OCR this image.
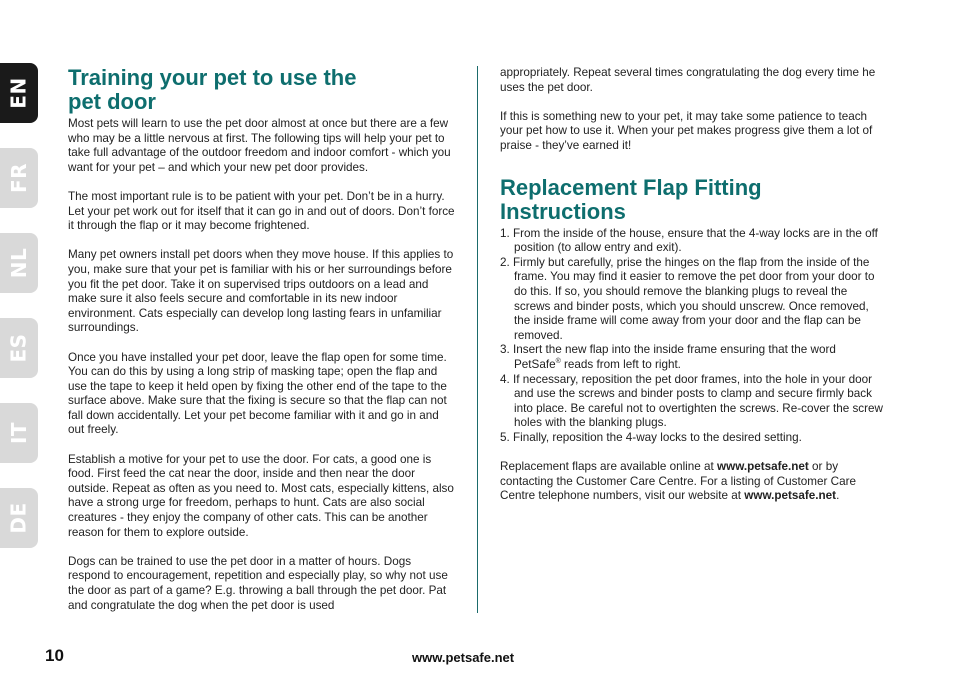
EN
FR
NL
ES
IT
DE
Training your pet to use the
pet door

Most pets will learn to use the pet door almost at once but there are a few who may be a little nervous at first. The following tips will help your pet to take full advantage of the outdoor freedom and indoor comfort - which you want for your pet – and which your new pet door provides.

The most important rule is to be patient with your pet. Don’t be in a hurry. Let your pet work out for itself that it can go in and out of doors. Don’t force it through the flap or it may become frightened.

Many pet owners install pet doors when they move house. If this applies to you, make sure that your pet is familiar with his or her surroundings before you fit the pet door. Take it on supervised trips outdoors on a lead and make sure it also feels secure and comfortable in its new indoor environment. Cats especially can develop long lasting fears in unfamiliar surroundings.

Once you have installed your pet door, leave the flap open for some time. You can do this by using a long strip of masking tape; open the flap and use the tape to keep it held open by fixing the other end of the tape to the surface above. Make sure that the fixing is secure so that the flap can not fall down accidentally. Let your pet become familiar with it and go in and out freely.

Establish a motive for your pet to use the door. For cats, a good one is food. First feed the cat near the door, inside and then near the door outside. Repeat as often as you need to. Most cats, especially kittens, also have a strong urge for freedom, perhaps to hunt. Cats are also social creatures - they enjoy the company of other cats. This can be another reason for them to explore outside.

Dogs can be trained to use the pet door in a matter of hours. Dogs respond to encouragement, repetition and especially play, so why not use the door as part of a game? E.g. throwing a ball through the pet door. Pat and congratulate the dog when the pet door is used

appropriately. Repeat several times congratulating the dog every time he uses the pet door.

If this is something new to your pet, it may take some patience to teach your pet how to use it. When your pet makes progress give them a lot of praise - they’ve earned it!

Replacement Flap Fitting
Instructions
1. From the inside of the house, ensure that the 4-way locks are in the off position (to allow entry and exit).
2. Firmly but carefully, prise the hinges on the flap from the inside of the frame. You may find it easier to remove the pet door from your door to do this. If so, you should remove the blanking plugs to reveal the screws and binder posts, which you should unscrew. Once removed, the inside frame will come away from your door and the flap can be removed.
3. Insert the new flap into the inside frame ensuring that the word PetSafe® reads from left to right.
4. If necessary, reposition the pet door frames, into the hole in your door and use the screws and binder posts to clamp and secure firmly back into place. Be careful not to overtighten the screws. Re-cover the screw holes with the blanking plugs.
5. Finally, reposition the 4-way locks to the desired setting.

Replacement flaps are available online at www.petsafe.net or by contacting the Customer Care Centre. For a listing of Customer Care Centre telephone numbers, visit our website at www.petsafe.net.

10	www.petsafe.net
